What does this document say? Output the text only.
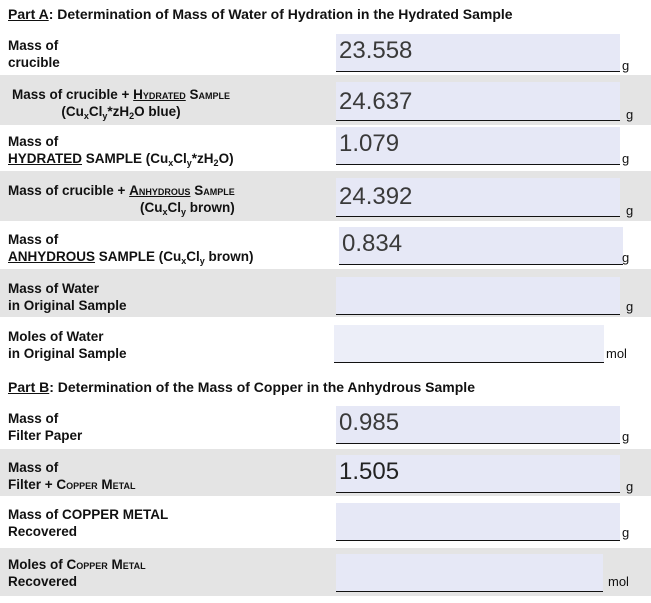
Part A: Determination of Mass of Water of Hydration in the Hydrated Sample
Mass of
crucible	23.558
g
Mass of crucible + Hydrated Sample
($Cu_xCl_y*zH_2O$ blue)	24.637	g
Mass of
HYDRATED SAMPLE $(Cu_xCl_y*zH_2O)$
1.079
g
Mass of crucible + Anhydrous Sample
($Cu_xCl_y$ brown)	24.392
g
Mass of
ANHYDROUS SAMPLE ($Cu_xCl_y$ brown)	0.834
g
Mass of Water
in Original Sample	g
Moles of Water
in Original Sample	mol
Part B: Determination of the Mass of Copper in the Anhydrous Sample
Mass of
Filter Paper	0.985
g
Mass of
Filter + Copper Metal	1.505
g
Mass of COPPER METAL
Recovered	g
Moles of Copper Metal
Recovered	mol
